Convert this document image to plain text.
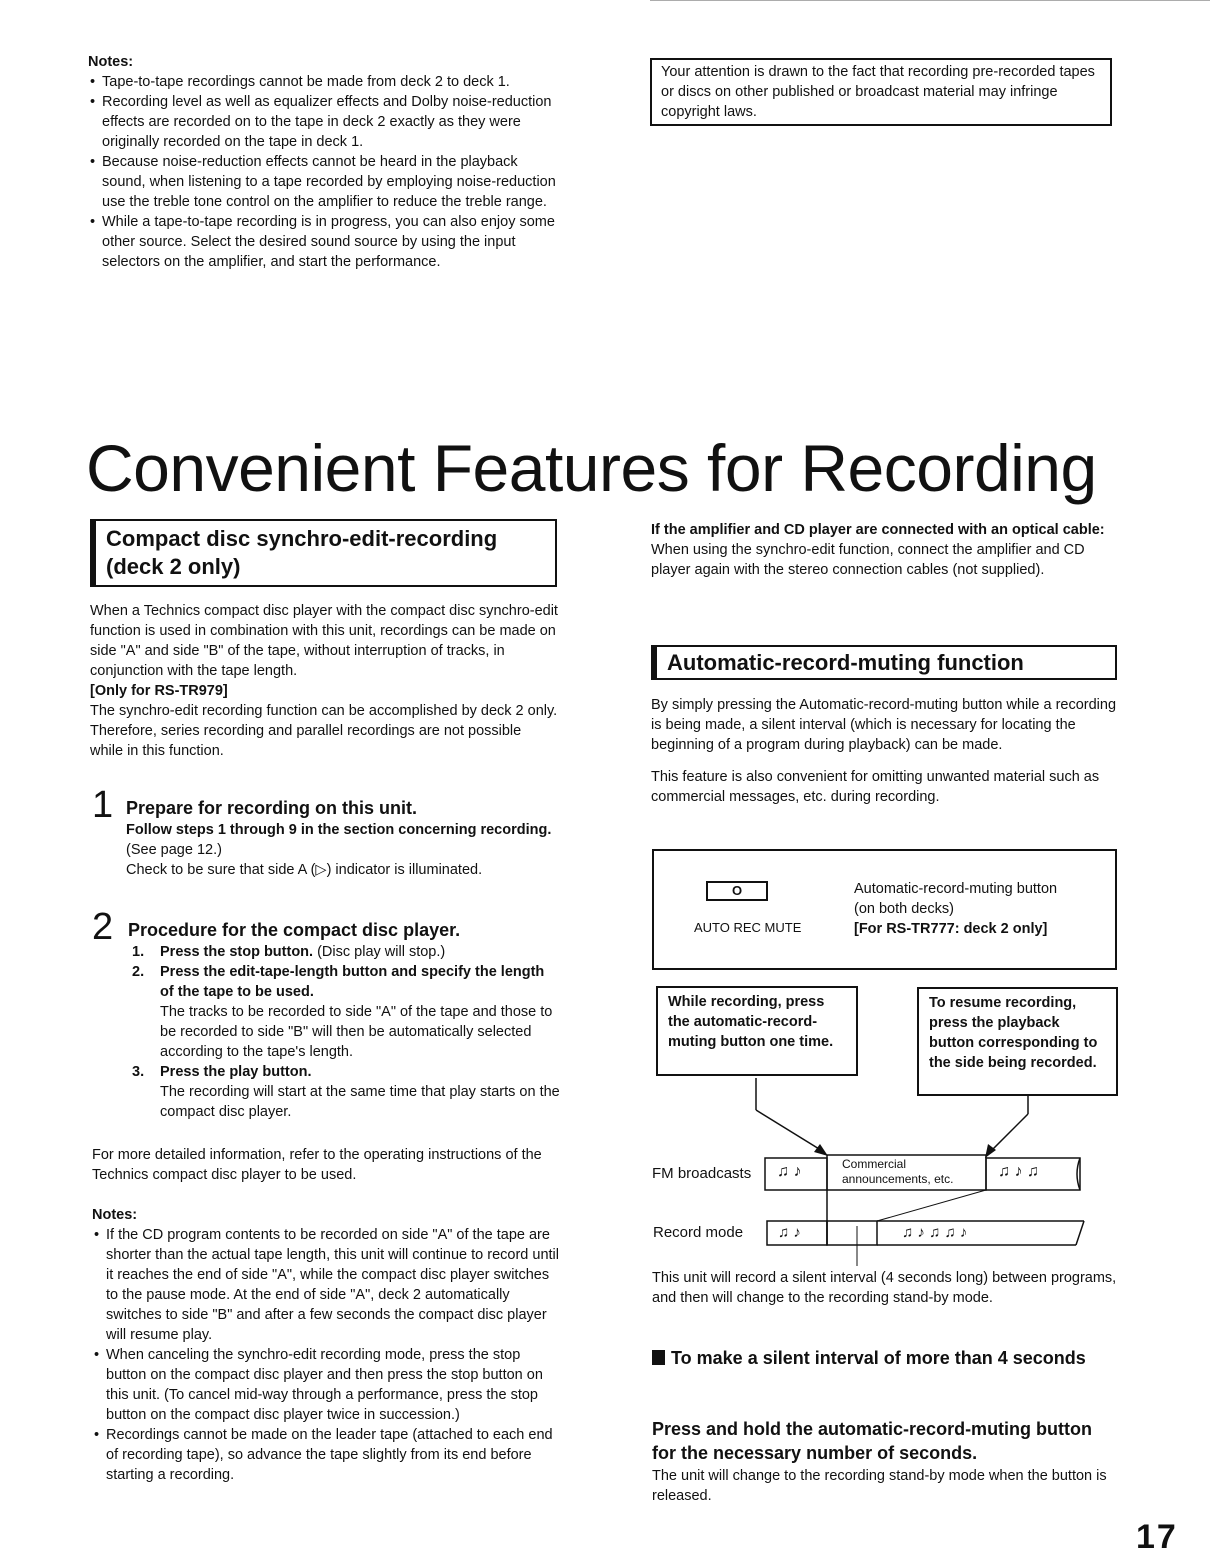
Notes:
• Tape-to-tape recordings cannot be made from deck 2 to deck 1.
• Recording level as well as equalizer effects and Dolby noise-reduction effects are recorded on to the tape in deck 2 exactly as they were originally recorded on the tape in deck 1.
• Because noise-reduction effects cannot be heard in the playback sound, when listening to a tape recorded by employing noise-reduction use the treble tone control on the amplifier to reduce the treble range.
• While a tape-to-tape recording is in progress, you can also enjoy some other source. Select the desired sound source by using the input selectors on the amplifier, and start the performance.
Your attention is drawn to the fact that recording pre-recorded tapes or discs on other published or broadcast material may infringe copyright laws.
Convenient Features for Recording
Compact disc synchro-edit-recording
(deck 2 only)
When a Technics compact disc player with the compact disc synchro-edit function is used in combination with this unit, recordings can be made on side "A" and side "B" of the tape, without interruption of tracks, in conjunction with the tape length.
[Only for RS-TR979]
The synchro-edit recording function can be accomplished by deck 2 only. Therefore, series recording and parallel recordings are not possible while in this function.
1 Prepare for recording on this unit.
Follow steps 1 through 9 in the section concerning recording. (See page 12.)
Check to be sure that side A (▷) indicator is illuminated.
2 Procedure for the compact disc player.
1. Press the stop button. (Disc play will stop.)
2. Press the edit-tape-length button and specify the length of the tape to be used.
The tracks to be recorded to side "A" of the tape and those to be recorded to side "B" will then be automatically selected according to the tape's length.
3. Press the play button.
The recording will start at the same time that play starts on the compact disc player.
For more detailed information, refer to the operating instructions of the Technics compact disc player to be used.
Notes:
• If the CD program contents to be recorded on side "A" of the tape are shorter than the actual tape length, this unit will continue to record until it reaches the end of side "A", while the compact disc player switches to the pause mode. At the end of side "A", deck 2 automatically switches to side "B" and after a few seconds the compact disc player will resume play.
• When canceling the synchro-edit recording mode, press the stop button on the compact disc player and then press the stop button on this unit. (To cancel mid-way through a performance, press the stop button on the compact disc player twice in succession.)
• Recordings cannot be made on the leader tape (attached to each end of recording tape), so advance the tape slightly from its end before starting a recording.
If the amplifier and CD player are connected with an optical cable:
When using the synchro-edit function, connect the amplifier and CD player again with the stereo connection cables (not supplied).
Automatic-record-muting function
By simply pressing the Automatic-record-muting button while a recording is being made, a silent interval (which is necessary for locating the beginning of a program during playback) can be made.
This feature is also convenient for omitting unwanted material such as commercial messages, etc. during recording.
O
AUTO REC MUTE
Automatic-record-muting button
(on both decks)
[For RS-TR777: deck 2 only]
While recording, press the automatic-record-muting button one time.
To resume recording, press the playback button corresponding to the side being recorded.
FM broadcasts
Record mode
♫ ♪	Commercial announcements, etc.	♫ ♪ ♫
♫ ♪	♫ ♪ ♫ ♫ ♪
This unit will record a silent interval (4 seconds long) between programs, and then will change to the recording stand-by mode.
To make a silent interval of more than 4 seconds
Press and hold the automatic-record-muting button for the necessary number of seconds.
The unit will change to the recording stand-by mode when the button is released.
17
